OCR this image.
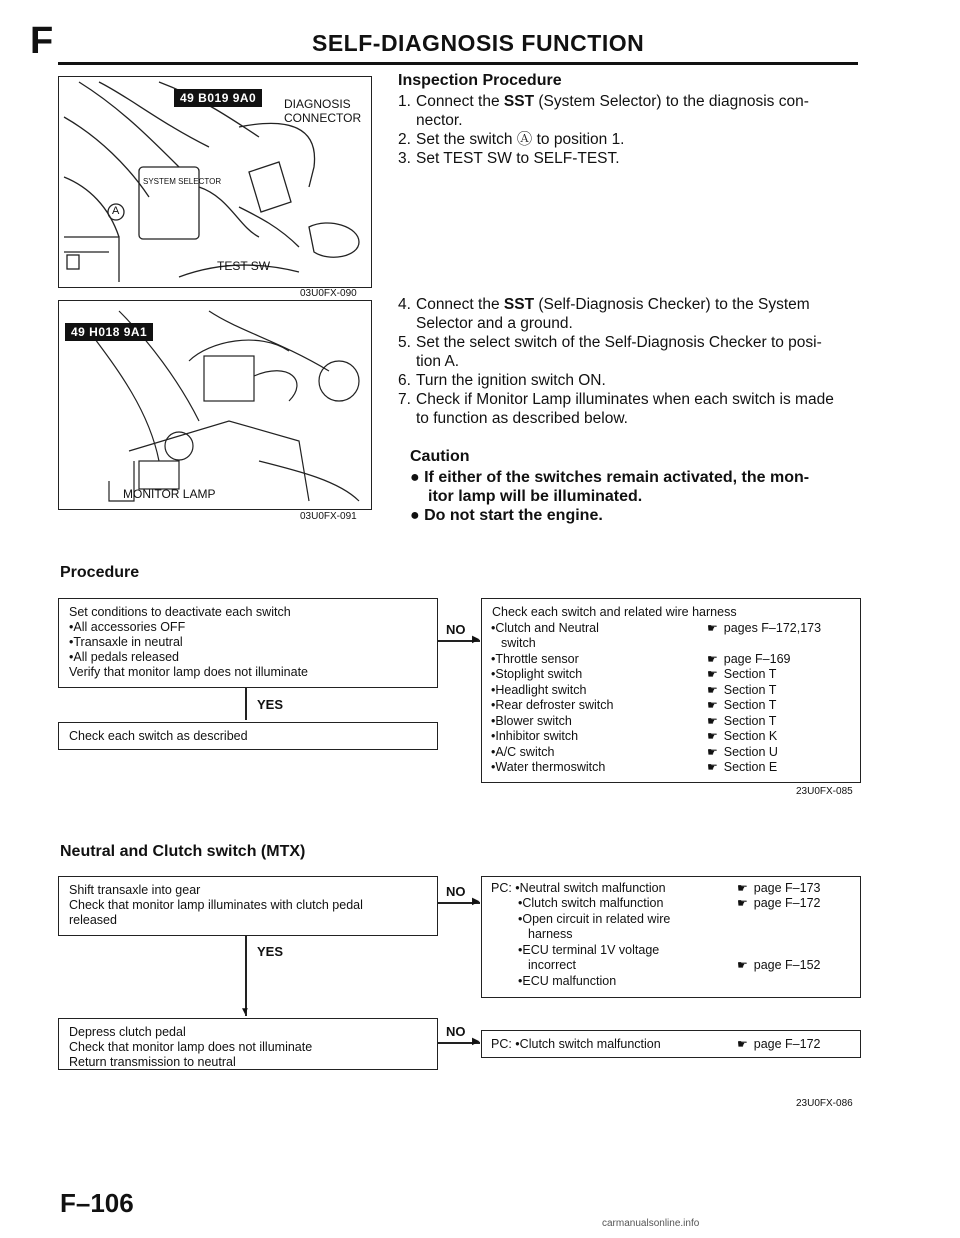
F	SELF-DIAGNOSIS FUNCTION
49 B019 9A0	DIAGNOSIS
CONNECTOR
SYSTEM SELECTOR
A
TEST SW
03U0FX-090
49 H018 9A1
MONITOR LAMP
03U0FX-091
Inspection Procedure
1. Connect the SST (System Selector) to the diagnosis con-
nector.
2. Set the switch Ⓐ to position 1.
3. Set TEST SW to SELF-TEST.
4. Connect the SST (Self-Diagnosis Checker) to the System
Selector and a ground.
5. Set the select switch of the Self-Diagnosis Checker to posi-
tion A.
6. Turn the ignition switch ON.
7. Check if Monitor Lamp illuminates when each switch is made
to function as described below.
Caution
● If either of the switches remain activated, the mon-
itor lamp will be illuminated.
● Do not start the engine.
Procedure
Set conditions to deactivate each switch
•All accessories OFF
•Transaxle in neutral
•All pedals released
Verify that monitor lamp does not illuminate
YES
Check each switch as described
NO
▶
Check each switch and related wire harness
•Clutch and Neutral	☛ pages F–172,173
switch
•Throttle sensor	☛ page F–169
•Stoplight switch	☛ Section T
•Headlight switch	☛ Section T
•Rear defroster switch	☛ Section T
•Blower switch	☛ Section T
•Inhibitor switch	☛ Section K
•A/C switch	☛ Section U
•Water thermoswitch	☛ Section E
23U0FX-085
Neutral and Clutch switch (MTX)
Shift transaxle into gear
Check that monitor lamp illuminates with clutch pedal
released
YES
▼
Depress clutch pedal
Check that monitor lamp does not illuminate
Return transmission to neutral
NO
▶
PC: •Neutral switch malfunction	☛ page F–173
•Clutch switch malfunction	☛ page F–172
•Open circuit in related wire
harness
•ECU terminal 1V voltage
incorrect	☛ page F–152
•ECU malfunction
NO
▶ PC: •Clutch switch malfunction	☛ page F–172
23U0FX-086
F–106
carmanualsonline.info
